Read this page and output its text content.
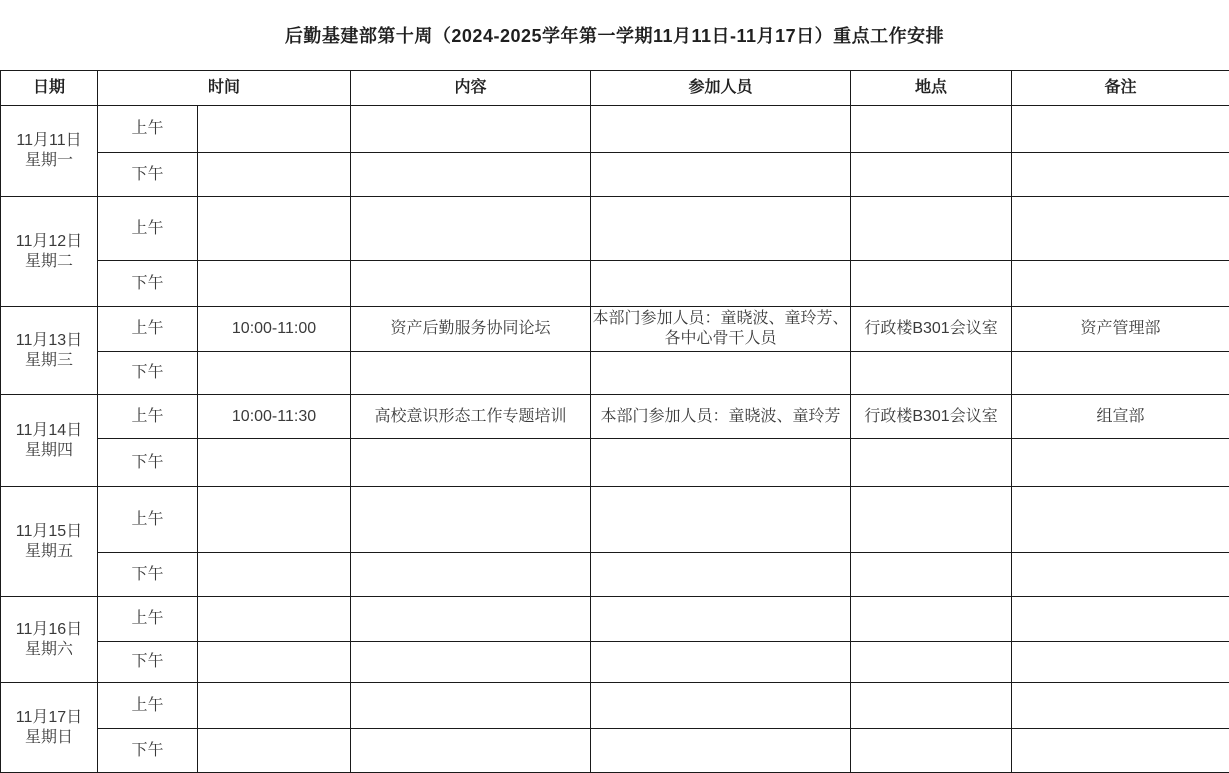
后勤基建部第十周（2024-2025学年第一学期11月11日-11月17日）重点工作安排
日期	时间		内容	参加人员	地点	备注

11月11日
星期一	上午					
	下午					

11月12日
星期二	上午					
	下午					

11月13日
星期三	上午	10:00-11:00	资产后勤服务协同论坛	本部门参加人员：童晓波、童玲芳、各中心骨干人员	行政楼B301会议室	资产管理部
	下午					

11月14日
星期四	上午	10:00-11:30	高校意识形态工作专题培训	本部门参加人员：童晓波、童玲芳	行政楼B301会议室	组宣部
	下午					

11月15日
星期五	上午					
	下午					

11月16日
星期六	上午					
	下午					

11月17日
星期日	上午					
	下午					
